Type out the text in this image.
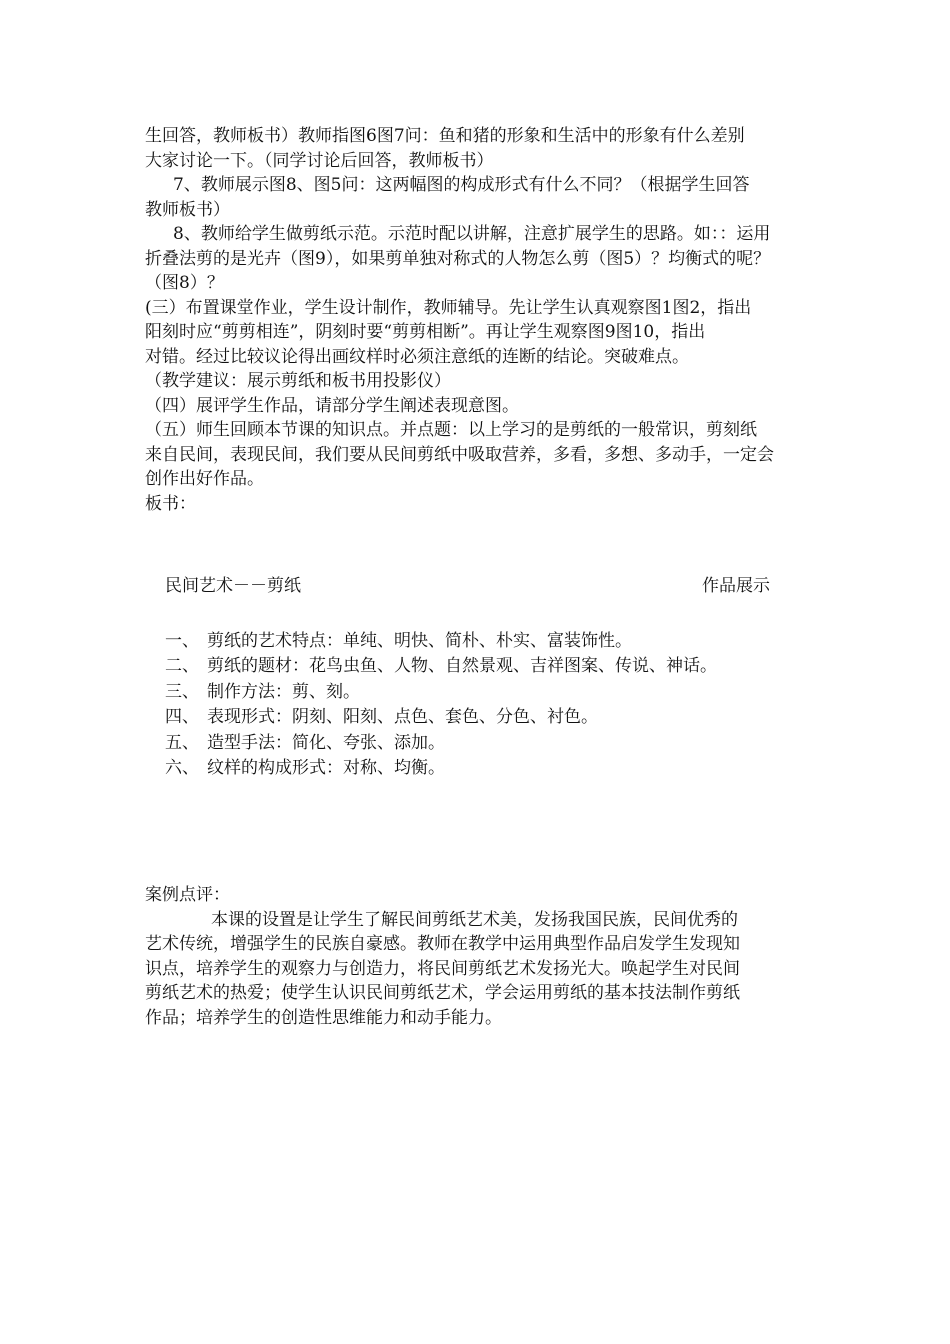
生回答，教师板书）教师指图6图7问：鱼和猪的形象和生活中的形象有什么差别
大家讨论一下。（同学讨论后回答，教师板书）
7、教师展示图8、图5问：这两幅图的构成形式有什么不同？（根据学生回答
教师板书）
8、教师给学生做剪纸示范。示范时配以讲解，注意扩展学生的思路。如：：运用
折叠法剪的是光卉（图9），如果剪单独对称式的人物怎么剪（图5）？均衡式的呢？
（图8）？
(三）布置课堂作业，学生设计制作，教师辅导。先让学生认真观察图1图2，指出
阳刻时应“剪剪相连”，阴刻时要“剪剪相断”。再让学生观察图9图10，指出
对错。经过比较议论得出画纹样时必须注意纸的连断的结论。突破难点。
（教学建议：展示剪纸和板书用投影仪）
（四）展评学生作品，请部分学生阐述表现意图。
（五）师生回顾本节课的知识点。并点题：以上学习的是剪纸的一般常识，剪刻纸
来自民间，表现民间，我们要从民间剪纸中吸取营养，多看，多想、多动手，一定会
创作出好作品。
板书：
民间艺术－－剪纸	作品展示
一、 剪纸的艺术特点：单纯、明快、简朴、朴实、富装饰性。
二、 剪纸的题材：花鸟虫鱼、人物、自然景观、吉祥图案、传说、神话。
三、 制作方法：剪、刻。
四、 表现形式：阴刻、阳刻、点色、套色、分色、衬色。
五、 造型手法：简化、夸张、添加。
六、 纹样的构成形式：对称、均衡。
案例点评：
本课的设置是让学生了解民间剪纸艺术美，发扬我国民族，民间优秀的
艺术传统，增强学生的民族自豪感。教师在教学中运用典型作品启发学生发现知
识点，培养学生的观察力与创造力，将民间剪纸艺术发扬光大。唤起学生对民间
剪纸艺术的热爱；使学生认识民间剪纸艺术，学会运用剪纸的基本技法制作剪纸
作品；培养学生的创造性思维能力和动手能力。
